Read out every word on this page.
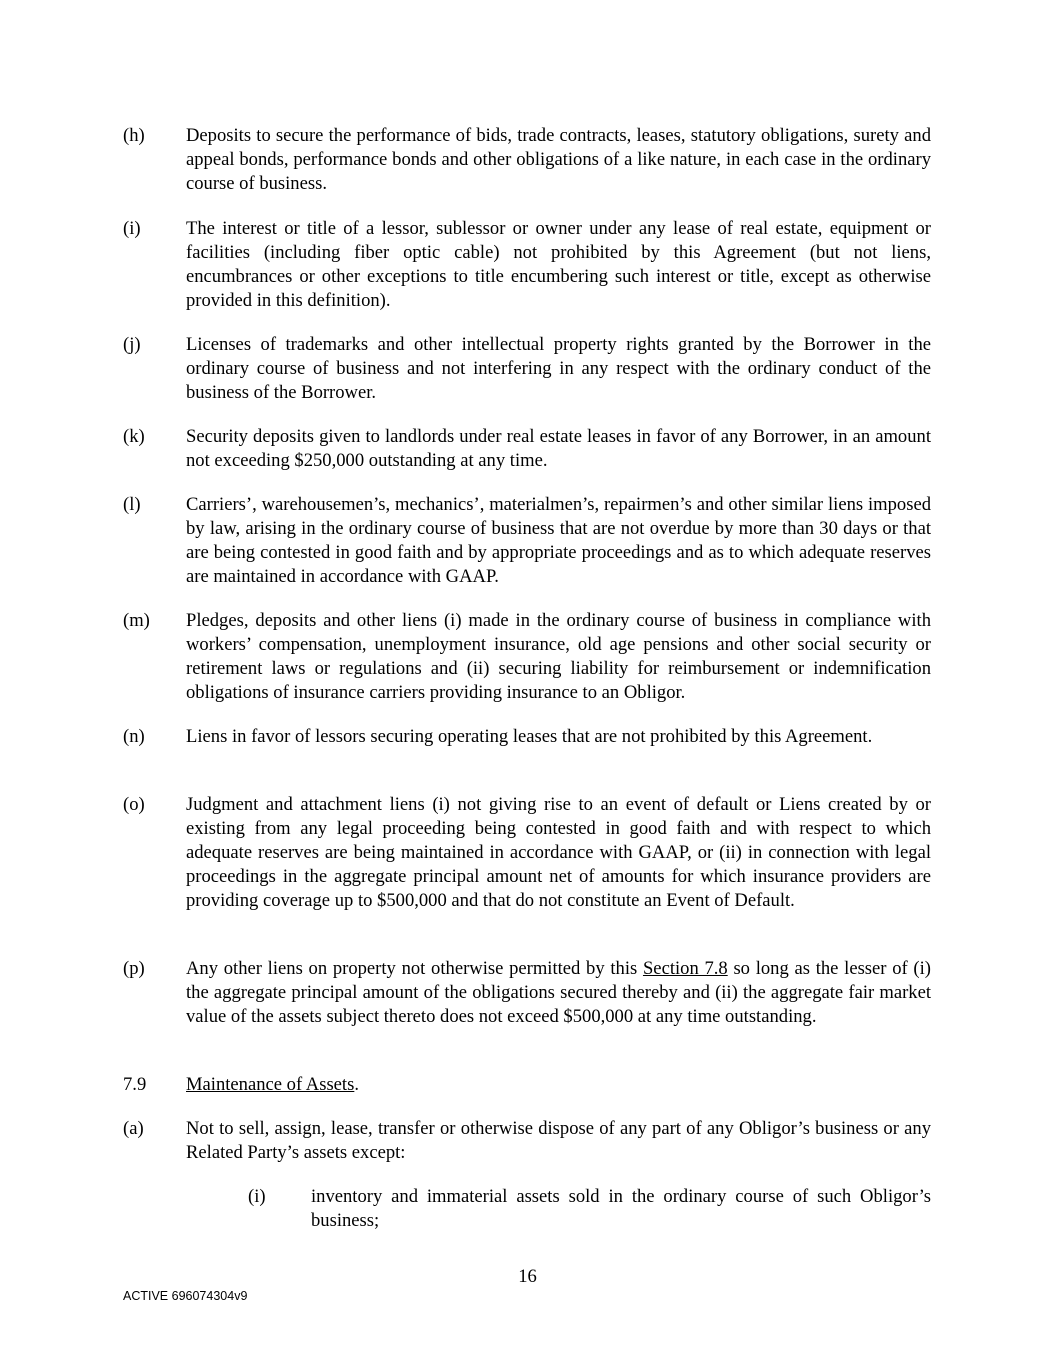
(h) Deposits to secure the performance of bids, trade contracts, leases, statutory obligations, surety and appeal bonds, performance bonds and other obligations of a like nature, in each case in the ordinary course of business.
(i) The interest or title of a lessor, sublessor or owner under any lease of real estate, equipment or facilities (including fiber optic cable) not prohibited by this Agreement (but not liens, encumbrances or other exceptions to title encumbering such interest or title, except as otherwise provided in this definition).
(j) Licenses of trademarks and other intellectual property rights granted by the Borrower in the ordinary course of business and not interfering in any respect with the ordinary conduct of the business of the Borrower.
(k) Security deposits given to landlords under real estate leases in favor of any Borrower, in an amount not exceeding $250,000 outstanding at any time.
(l) Carriers’, warehousemen’s, mechanics’, materialmen’s, repairmen’s and other similar liens imposed by law, arising in the ordinary course of business that are not overdue by more than 30 days or that are being contested in good faith and by appropriate proceedings and as to which adequate reserves are maintained in accordance with GAAP.
(m) Pledges, deposits and other liens (i) made in the ordinary course of business in compliance with workers’ compensation, unemployment insurance, old age pensions and other social security or retirement laws or regulations and (ii) securing liability for reimbursement or indemnification obligations of insurance carriers providing insurance to an Obligor.
(n) Liens in favor of lessors securing operating leases that are not prohibited by this Agreement.
(o) Judgment and attachment liens (i) not giving rise to an event of default or Liens created by or existing from any legal proceeding being contested in good faith and with respect to which adequate reserves are being maintained in accordance with GAAP, or (ii) in connection with legal proceedings in the aggregate principal amount net of amounts for which insurance providers are providing coverage up to $500,000 and that do not constitute an Event of Default.
(p) Any other liens on property not otherwise permitted by this Section 7.8 so long as the lesser of (i) the aggregate principal amount of the obligations secured thereby and (ii) the aggregate fair market value of the assets subject thereto does not exceed $500,000 at any time outstanding.
7.9 Maintenance of Assets.
(a) Not to sell, assign, lease, transfer or otherwise dispose of any part of any Obligor’s business or any Related Party’s assets except:
(i) inventory and immaterial assets sold in the ordinary course of such Obligor’s business;
16
ACTIVE 696074304v9
